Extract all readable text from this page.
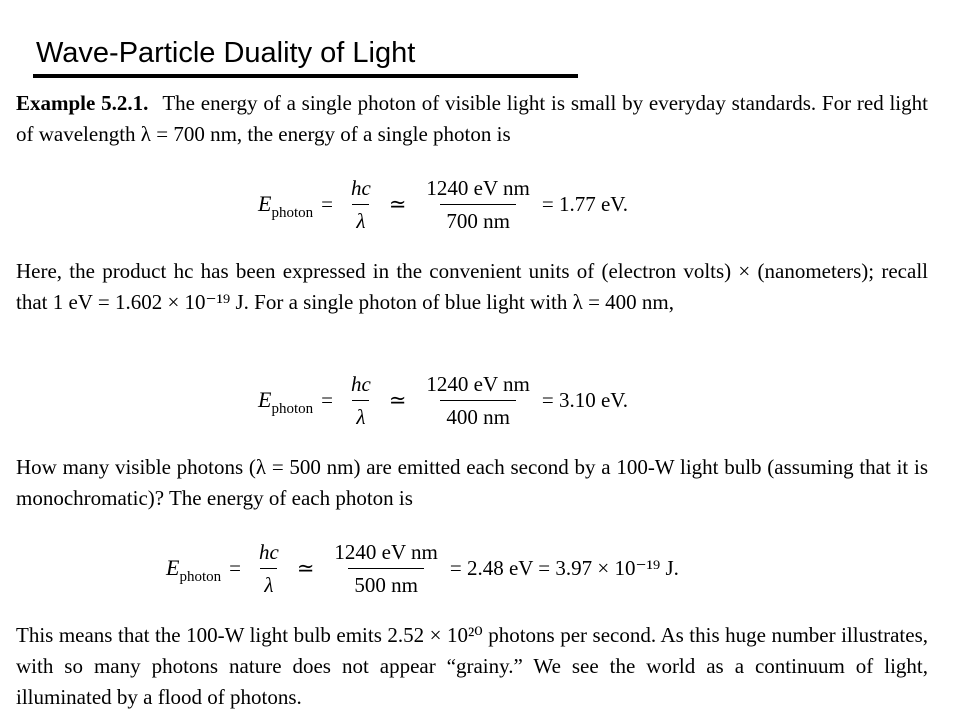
Wave-Particle Duality of Light
Example 5.2.1. The energy of a single photon of visible light is small by everyday standards. For red light of wavelength λ = 700 nm, the energy of a single photon is
E photon = $\frac{hc}{\lambda}$ ≃ $\frac{\text{1240 eV nm}}{700 nm} = 1.77$ eV.
Here, the product hc has been expressed in the convenient units of (electron volts) × (nanometers); recall that 1 eV = 1.602 × 10⁻¹⁹ J. For a single photon of blue light with λ = 400 nm,
E photon = $\frac{hc}{\lambda}$ ≃ $\frac{\text{1240 eV nm}}{400 nm} = 3.10$ eV.
How many visible photons (λ = 500 nm) are emitted each second by a 100-W light bulb (assuming that it is monochromatic)? The energy of each photon is
E photon = $\frac{hc}{\lambda}$ ≃ $\frac{\text{1240 eV nm}}{500 nm} = 2.48$ eV = 3.97 × 10⁻¹⁹ J.
This means that the 100-W light bulb emits 2.52 × 10²⁰ photons per second. As this huge number illustrates, with so many photons nature does not appear “grainy.” We see the world as a continuum of light, illuminated by a flood of photons.
